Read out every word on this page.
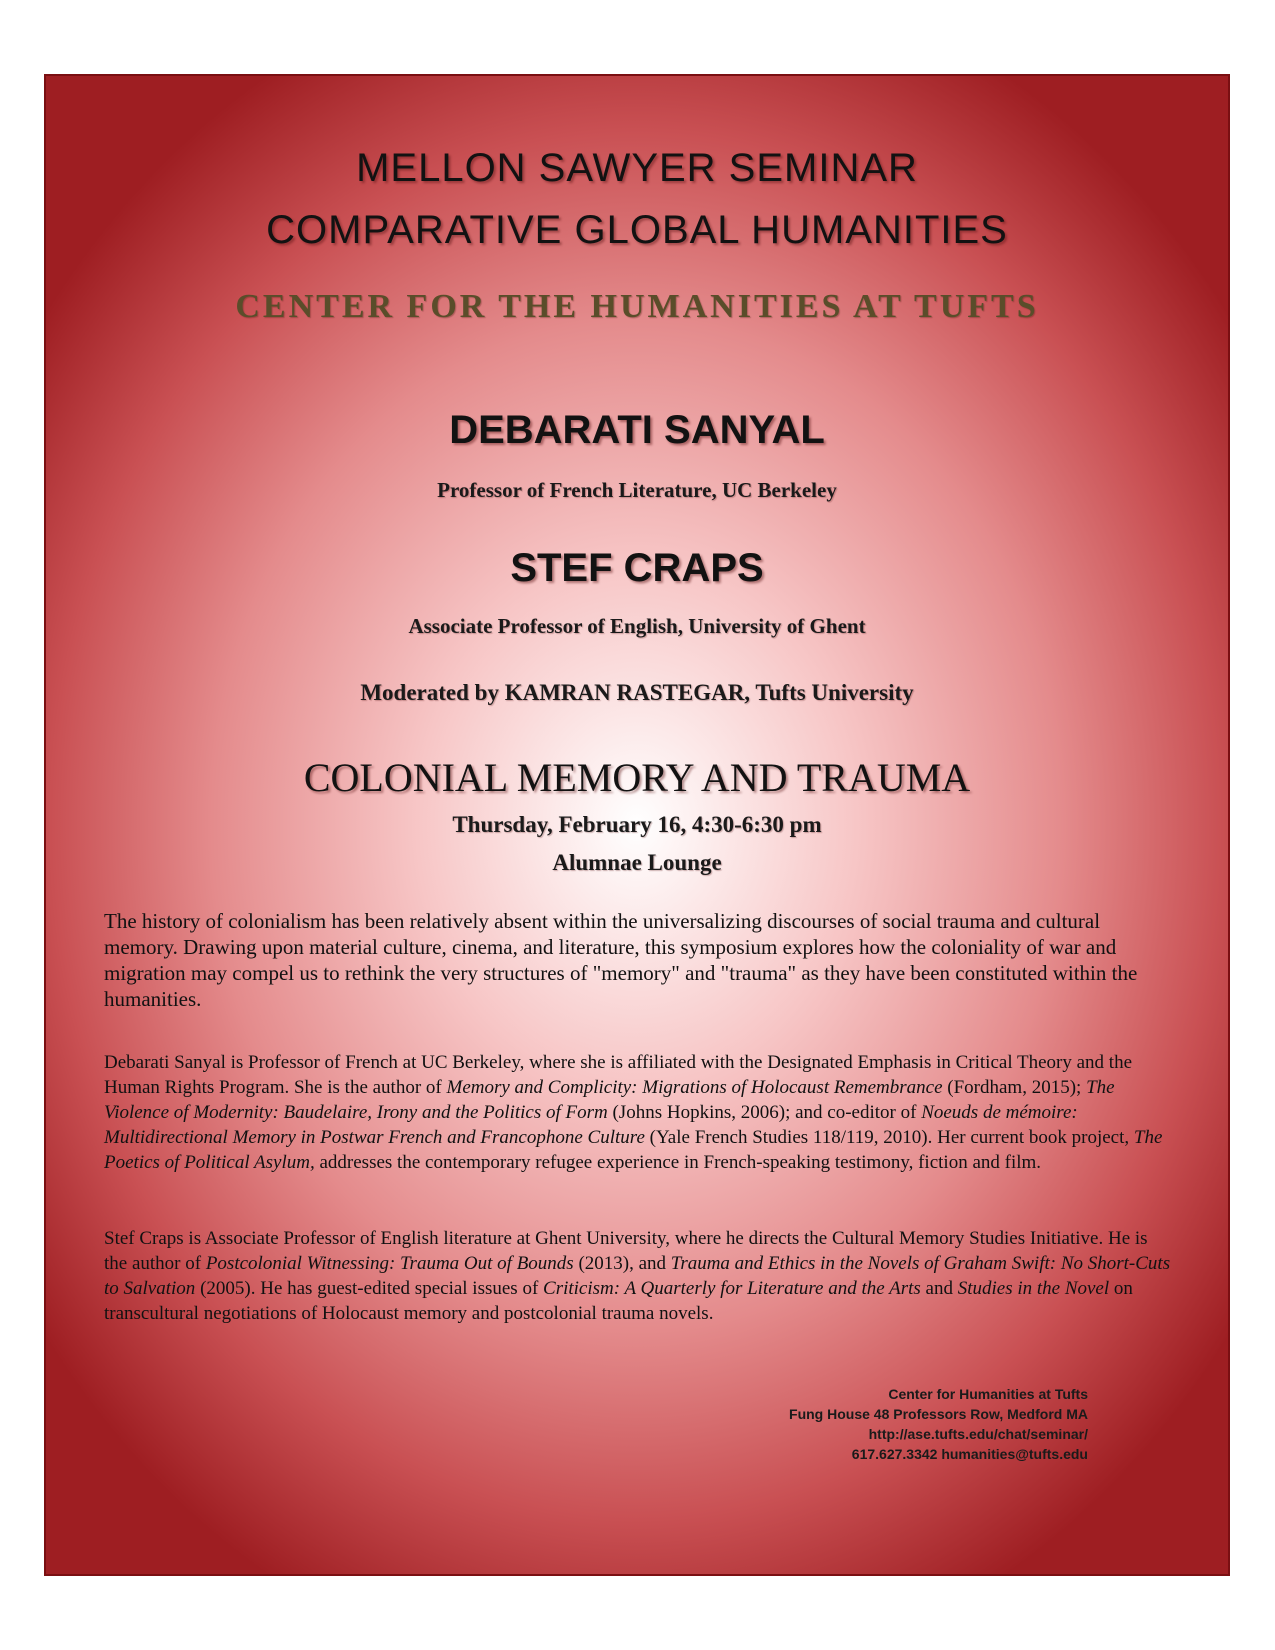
MELLON SAWYER SEMINAR
COMPARATIVE GLOBAL HUMANITIES
CENTER FOR THE HUMANITIES AT TUFTS
DEBARATI SANYAL
Professor of French Literature, UC Berkeley
STEF CRAPS
Associate Professor of English, University of Ghent
Moderated by KAMRAN RASTEGAR, Tufts University
COLONIAL MEMORY AND TRAUMA
Thursday, February 16, 4:30-6:30 pm
Alumnae Lounge

The history of colonialism has been relatively absent within the universalizing discourses of social trauma and cultural memory. Drawing upon material culture, cinema, and literature, this symposium explores how the coloniality of war and migration may compel us to rethink the very structures of "memory" and "trauma" as they have been constituted within the humanities.

Debarati Sanyal is Professor of French at UC Berkeley, where she is affiliated with the Designated Emphasis in Critical Theory and the Human Rights Program. She is the author of Memory and Complicity: Migrations of Holocaust Remembrance (Fordham, 2015); The Violence of Modernity: Baudelaire, Irony and the Politics of Form (Johns Hopkins, 2006); and co-editor of Noeuds de mémoire: Multidirectional Memory in Postwar French and Francophone Culture (Yale French Studies 118/119, 2010). Her current book project, The Poetics of Political Asylum, addresses the contemporary refugee experience in French-speaking testimony, fiction and film.

Stef Craps is Associate Professor of English literature at Ghent University, where he directs the Cultural Memory Studies Initiative. He is the author of Postcolonial Witnessing: Trauma Out of Bounds (2013), and Trauma and Ethics in the Novels of Graham Swift: No Short-Cuts to Salvation (2005). He has guest-edited special issues of Criticism: A Quarterly for Literature and the Arts and Studies in the Novel on transcultural negotiations of Holocaust memory and postcolonial trauma novels.

Center for Humanities at Tufts
Fung House 48 Professors Row, Medford MA
http://ase.tufts.edu/chat/seminar/
617.627.3342 humanities@tufts.edu
